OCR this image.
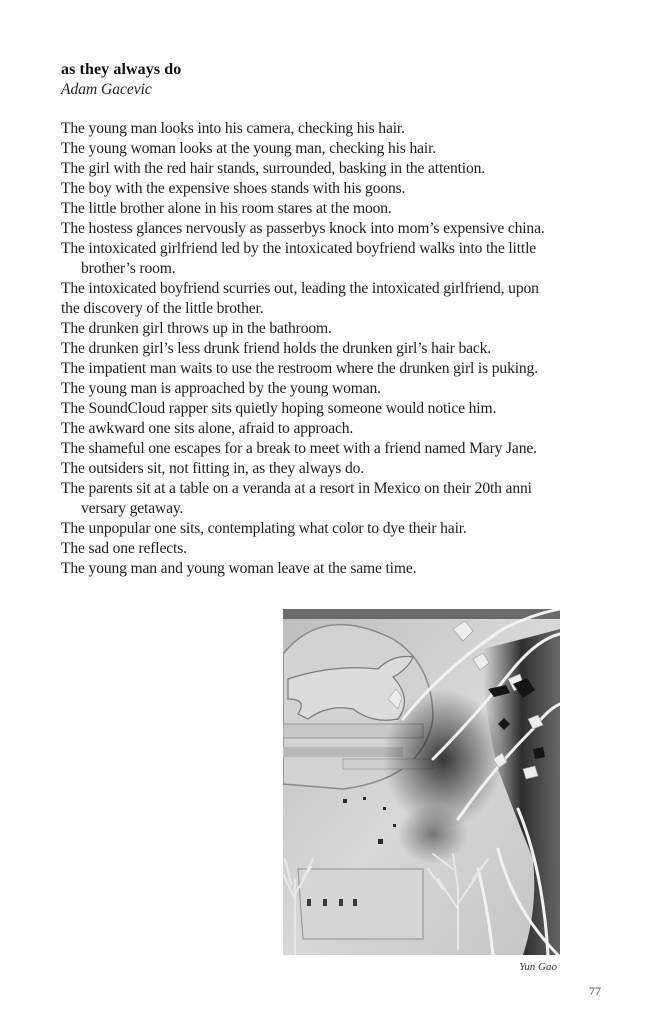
as they always do
Adam Gacevic
The young man looks into his camera, checking his hair.
The young woman looks at the young man, checking his hair.
The girl with the red hair stands, surrounded, basking in the attention.
The boy with the expensive shoes stands with his goons.
The little brother alone in his room stares at the moon.
The hostess glances nervously as passerbys knock into mom’s expensive china.
The intoxicated girlfriend led by the intoxicated boyfriend walks into the little
brother’s room.
The intoxicated boyfriend scurries out, leading the intoxicated girlfriend, upon
the discovery of the little brother.
The drunken girl throws up in the bathroom.
The drunken girl’s less drunk friend holds the drunken girl’s hair back.
The impatient man waits to use the restroom where the drunken girl is puking.
The young man is approached by the young woman.
The SoundCloud rapper sits quietly hoping someone would notice him.
The awkward one sits alone, afraid to approach.
The shameful one escapes for a break to meet with a friend named Mary Jane.
The outsiders sit, not fitting in, as they always do.
The parents sit at a table on a veranda at a resort in Mexico on their 20th anni
versary getaway.
The unpopular one sits, contemplating what color to dye their hair.
The sad one reflects.
The young man and young woman leave at the same time.
Yun Gao
77
